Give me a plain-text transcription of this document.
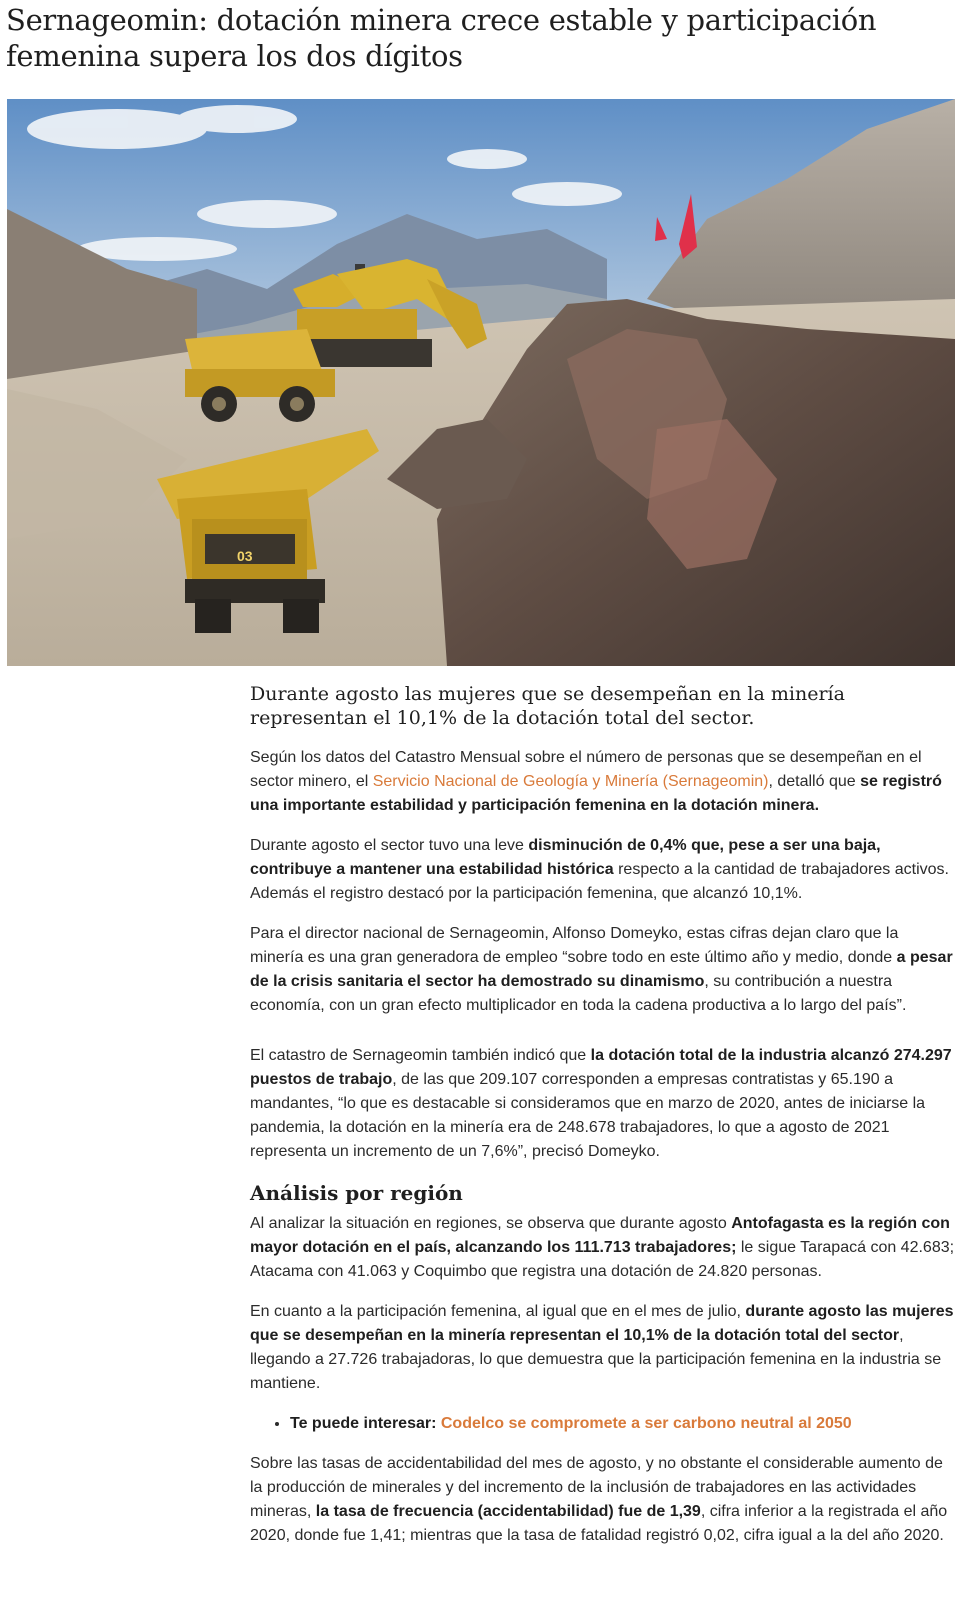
Sernageomin: dotación minera crece estable y participación femenina supera los dos dígitos
03

Durante agosto las mujeres que se desempeñan en la minería representan el 10,1% de la dotación total del sector.

Según los datos del Catastro Mensual sobre el número de personas que se desempeñan en el sector minero, el Servicio Nacional de Geología y Minería (Sernageomin), detalló que se registró una importante estabilidad y participación femenina en la dotación minera.

Durante agosto el sector tuvo una leve disminución de 0,4% que, pese a ser una baja, contribuye a mantener una estabilidad histórica respecto a la cantidad de trabajadores activos. Además el registro destacó por la participación femenina, que alcanzó 10,1%.

Para el director nacional de Sernageomin, Alfonso Domeyko, estas cifras dejan claro que la minería es una gran generadora de empleo “sobre todo en este último año y medio, donde a pesar de la crisis sanitaria el sector ha demostrado su dinamismo, su contribución a nuestra economía, con un gran efecto multiplicador en toda la cadena productiva a lo largo del país”.

El catastro de Sernageomin también indicó que la dotación total de la industria alcanzó 274.297 puestos de trabajo, de las que 209.107 corresponden a empresas contratistas y 65.190 a mandantes, “lo que es destacable si consideramos que en marzo de 2020, antes de iniciarse la pandemia, la dotación en la minería era de 248.678 trabajadores, lo que a agosto de 2021 representa un incremento de un 7,6%”, precisó Domeyko.

Análisis por región

Al analizar la situación en regiones, se observa que durante agosto Antofagasta es la región con mayor dotación en el país, alcanzando los 111.713 trabajadores; le sigue Tarapacá con 42.683; Atacama con 41.063 y Coquimbo que registra una dotación de 24.820 personas.

En cuanto a la participación femenina, al igual que en el mes de julio, durante agosto las mujeres que se desempeñan en la minería representan el 10,1% de la dotación total del sector, llegando a 27.726 trabajadoras, lo que demuestra que la participación femenina en la industria se mantiene.

• Te puede interesar: Codelco se compromete a ser carbono neutral al 2050

Sobre las tasas de accidentabilidad del mes de agosto, y no obstante el considerable aumento de la producción de minerales y del incremento de la inclusión de trabajadores en las actividades mineras, la tasa de frecuencia (accidentabilidad) fue de 1,39, cifra inferior a la registrada el año 2020, donde fue 1,41; mientras que la tasa de fatalidad registró 0,02, cifra igual a la del año 2020.
